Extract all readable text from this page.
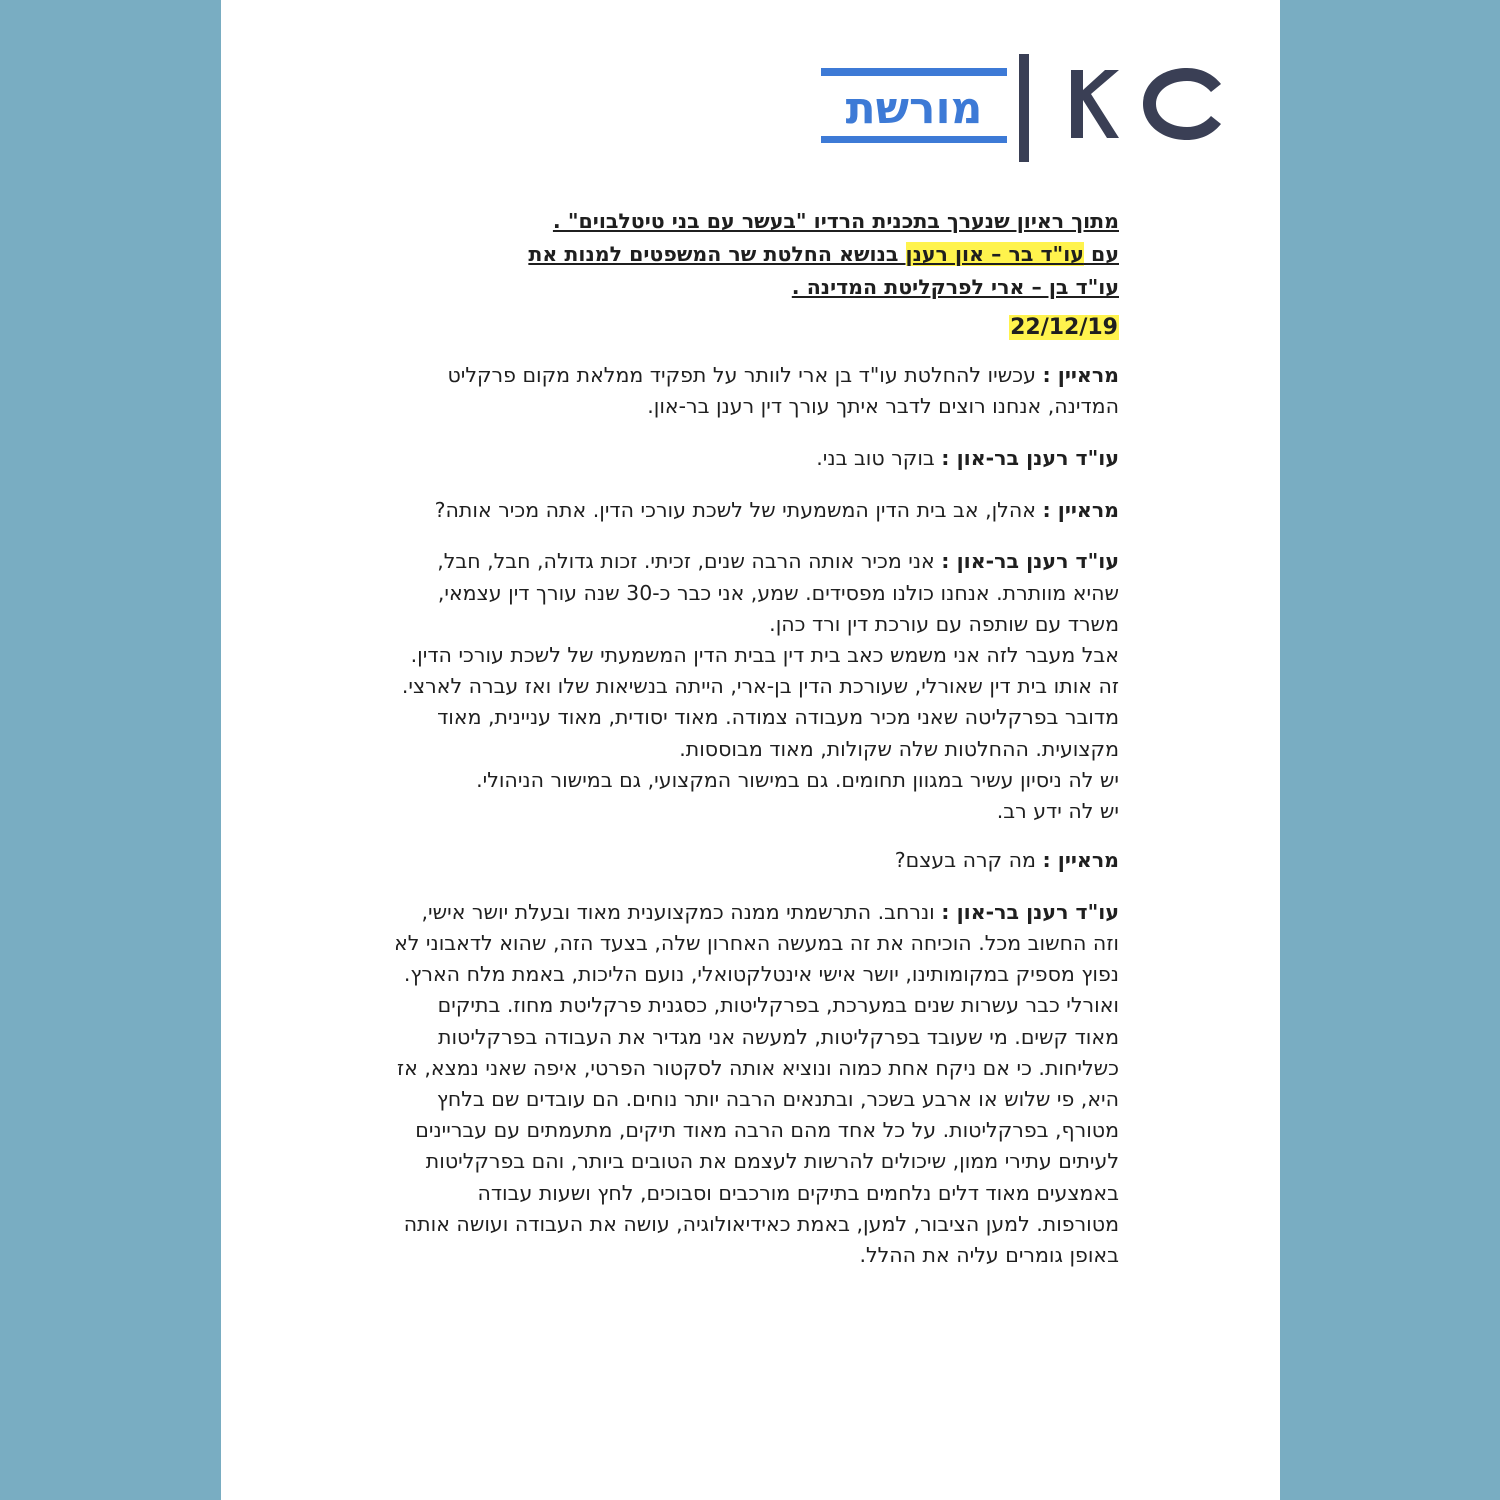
מורשת
מתוך ראיון שנערך בתכנית הרדיו "בעשר עם בני טיטלבוים" .
עם עו"ד בר – און רענן בנושא החלטת שר המשפטים למנות את
עו"ד בן – ארי לפרקליטת המדינה .
22/12/19

מראיין : עכשיו להחלטת עו"ד בן ארי לוותר על תפקיד ממלאת מקום פרקליט המדינה, אנחנו רוצים לדבר איתך עורך דין רענן בר-און.

עו"ד רענן בר-און : בוקר טוב בני.

מראיין : אהלן, אב בית הדין המשמעתי של לשכת עורכי הדין. אתה מכיר אותה?

עו"ד רענן בר-און : אני מכיר אותה הרבה שנים, זכיתי. זכות גדולה, חבל, חבל, שהיא מוותרת. אנחנו כולנו מפסידים. שמע, אני כבר כ-30 שנה עורך דין עצמאי, משרד עם שותפה עם עורכת דין ורד כהן.
אבל מעבר לזה אני משמש כאב בית דין בבית הדין המשמעתי של לשכת עורכי הדין. זה אותו בית דין שאורלי, שעורכת הדין בן-ארי, הייתה בנשיאות שלו ואז עברה לארצי. מדובר בפרקליטה שאני מכיר מעבודה צמודה. מאוד יסודית, מאוד עניינית, מאוד מקצועית. ההחלטות שלה שקולות, מאוד מבוססות.
יש לה ניסיון עשיר במגוון תחומים. גם במישור המקצועי, גם במישור הניהולי.
יש לה ידע רב.

מראיין : מה קרה בעצם?

עו"ד רענן בר-און : ונרחב. התרשמתי ממנה כמקצוענית מאוד ובעלת יושר אישי, וזה החשוב מכל. הוכיחה את זה במעשה האחרון שלה, בצעד הזה, שהוא לדאבוני לא נפוץ מספיק במקומותינו, יושר אישי אינטלקטואלי, נועם הליכות, באמת מלח הארץ.
ואורלי כבר עשרות שנים במערכת, בפרקליטות, כסגנית פרקליטת מחוז. בתיקים מאוד קשים. מי שעובד בפרקליטות, למעשה אני מגדיר את העבודה בפרקליטות כשליחות. כי אם ניקח אחת כמוה ונוציא אותה לסקטור הפרטי, איפה שאני נמצא, אז היא, פי שלוש או ארבע בשכר, ובתנאים הרבה יותר נוחים. הם עובדים שם בלחץ מטורף, בפרקליטות. על כל אחד מהם הרבה מאוד תיקים, מתעמתים עם עבריינים לעיתים עתירי ממון, שיכולים להרשות לעצמם את הטובים ביותר, והם בפרקליטות באמצעים מאוד דלים נלחמים בתיקים מורכבים וסבוכים, לחץ ושעות עבודה מטורפות. למען הציבור, למען, באמת כאידיאולוגיה, עושה את העבודה ועושה אותה באופן גומרים עליה את ההלל.
